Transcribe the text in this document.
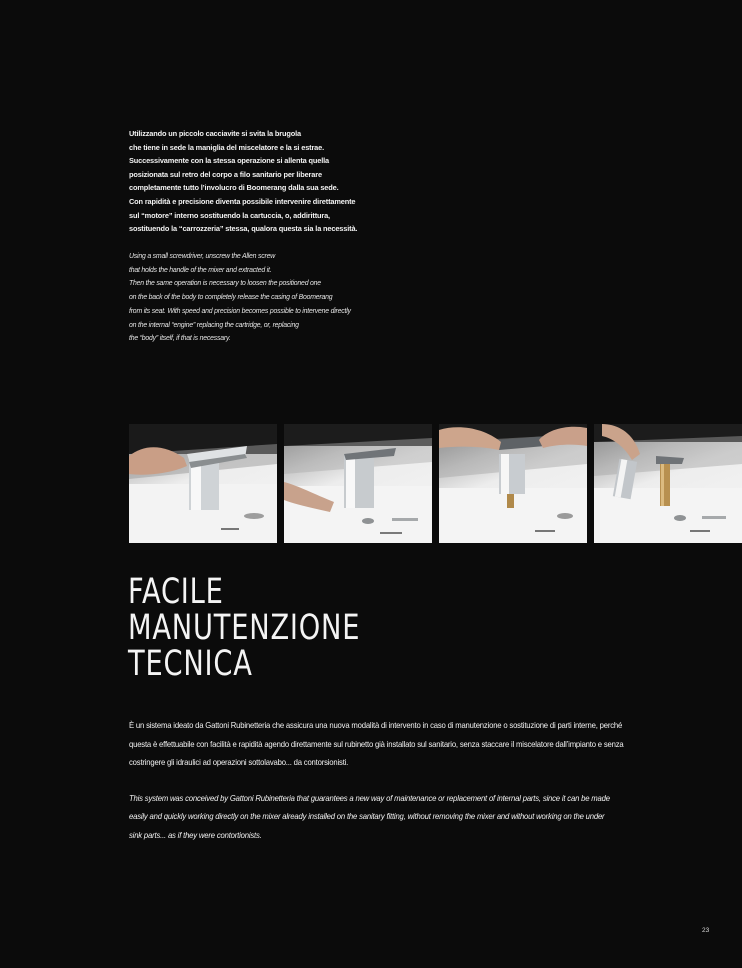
Utilizzando un piccolo cacciavite si svita la brugola
che tiene in sede la maniglia del miscelatore e la si estrae.
Successivamente con la stessa operazione si allenta quella
posizionata sul retro del corpo a filo sanitario per liberare
completamente tutto l’involucro di Boomerang dalla sua sede.
Con rapidità e precisione diventa possibile intervenire direttamente
sul “motore” interno sostituendo la cartuccia, o, addirittura,
sostituendo la “carrozzeria” stessa, qualora questa sia la necessità.
Using a small screwdriver, unscrew the Allen screw
that holds the handle of the mixer and extracted it.
Then the same operation is necessary to loosen the positioned one
on the back of the body to completely release the casing of Boomerang
from its seat. With speed and precision becomes possible to intervene directly
on the internal “engine” replacing the cartridge, or, replacing
the “body” itself, if that is necessary.
FACILE
MANUTENZIONE
TECNICA

È un sistema ideato da Gattoni Rubinetteria che assicura una nuova modalità di intervento in caso di manutenzione o sostituzione di parti interne, perché
questa è effettuabile con facilità e rapidità agendo direttamente sul rubinetto già installato sul sanitario, senza staccare il miscelatore dall’impianto e senza
costringere gli idraulici ad operazioni sottolavabo... da contorsionisti.

This system was conceived by Gattoni Rubinetteria that guarantees a new way of maintenance or replacement of internal parts, since it can be made
easily and quickly working directly on the mixer already installed on the sanitary fitting, without removing the mixer and without working on the under
sink parts... as if they were contortionists.

23
